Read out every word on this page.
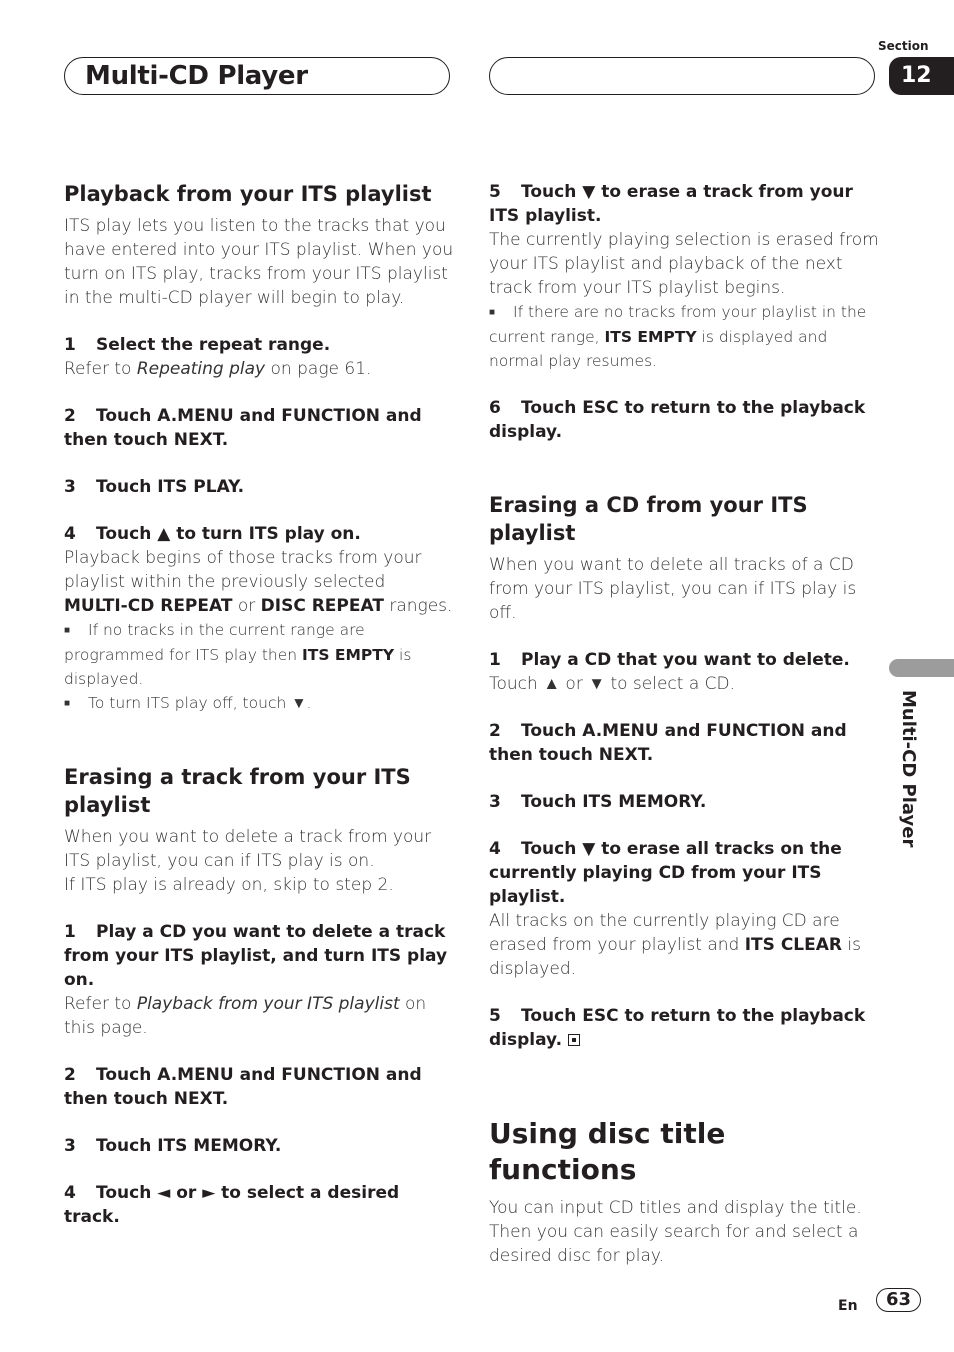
Multi-CD Player
Section
12
Multi-CD Player
Playback from your ITS playlist

ITS play lets you listen to the tracks that you have entered into your ITS playlist. When you turn on ITS play, tracks from your ITS playlist in the multi-CD player will begin to play.

1 Select the repeat range.

Refer to Repeating play on page 61.

2 Touch A.MENU and FUNCTION and then touch NEXT.
3 Touch ITS PLAY.
4 Touch ▲ to turn ITS play on.

Playback begins of those tracks from your playlist within the previously selected MULTI-CD REPEAT or DISC REPEAT ranges.

■ If no tracks in the current range are programmed for ITS play then ITS EMPTY is displayed.

■ To turn ITS play off, touch ▼.

Erasing a track from your ITS playlist

When you want to delete a track from your ITS playlist, you can if ITS play is on.

If ITS play is already on, skip to step 2.

1 Play a CD you want to delete a track from your ITS playlist, and turn ITS play on.

Refer to Playback from your ITS playlist on this page.

2 Touch A.MENU and FUNCTION and then touch NEXT.
3 Touch ITS MEMORY.
4 Touch ◄ or ► to select a desired track.
5 Touch ▼ to erase a track from your ITS playlist.

The currently playing selection is erased from your ITS playlist and playback of the next track from your ITS playlist begins.

■ If there are no tracks from your playlist in the current range, ITS EMPTY is displayed and normal play resumes.

6 Touch ESC to return to the playback display.
Erasing a CD from your ITS playlist

When you want to delete all tracks of a CD from your ITS playlist, you can if ITS play is off.

1 Play a CD that you want to delete.

Touch ▲ or ▼ to select a CD.

2 Touch A.MENU and FUNCTION and then touch NEXT.
3 Touch ITS MEMORY.
4 Touch ▼ to erase all tracks on the currently playing CD from your ITS playlist.

All tracks on the currently playing CD are erased from your playlist and ITS CLEAR is displayed.

5 Touch ESC to return to the playback display.
Using disc title functions

You can input CD titles and display the title. Then you can easily search for and select a desired disc for play.

En	63
